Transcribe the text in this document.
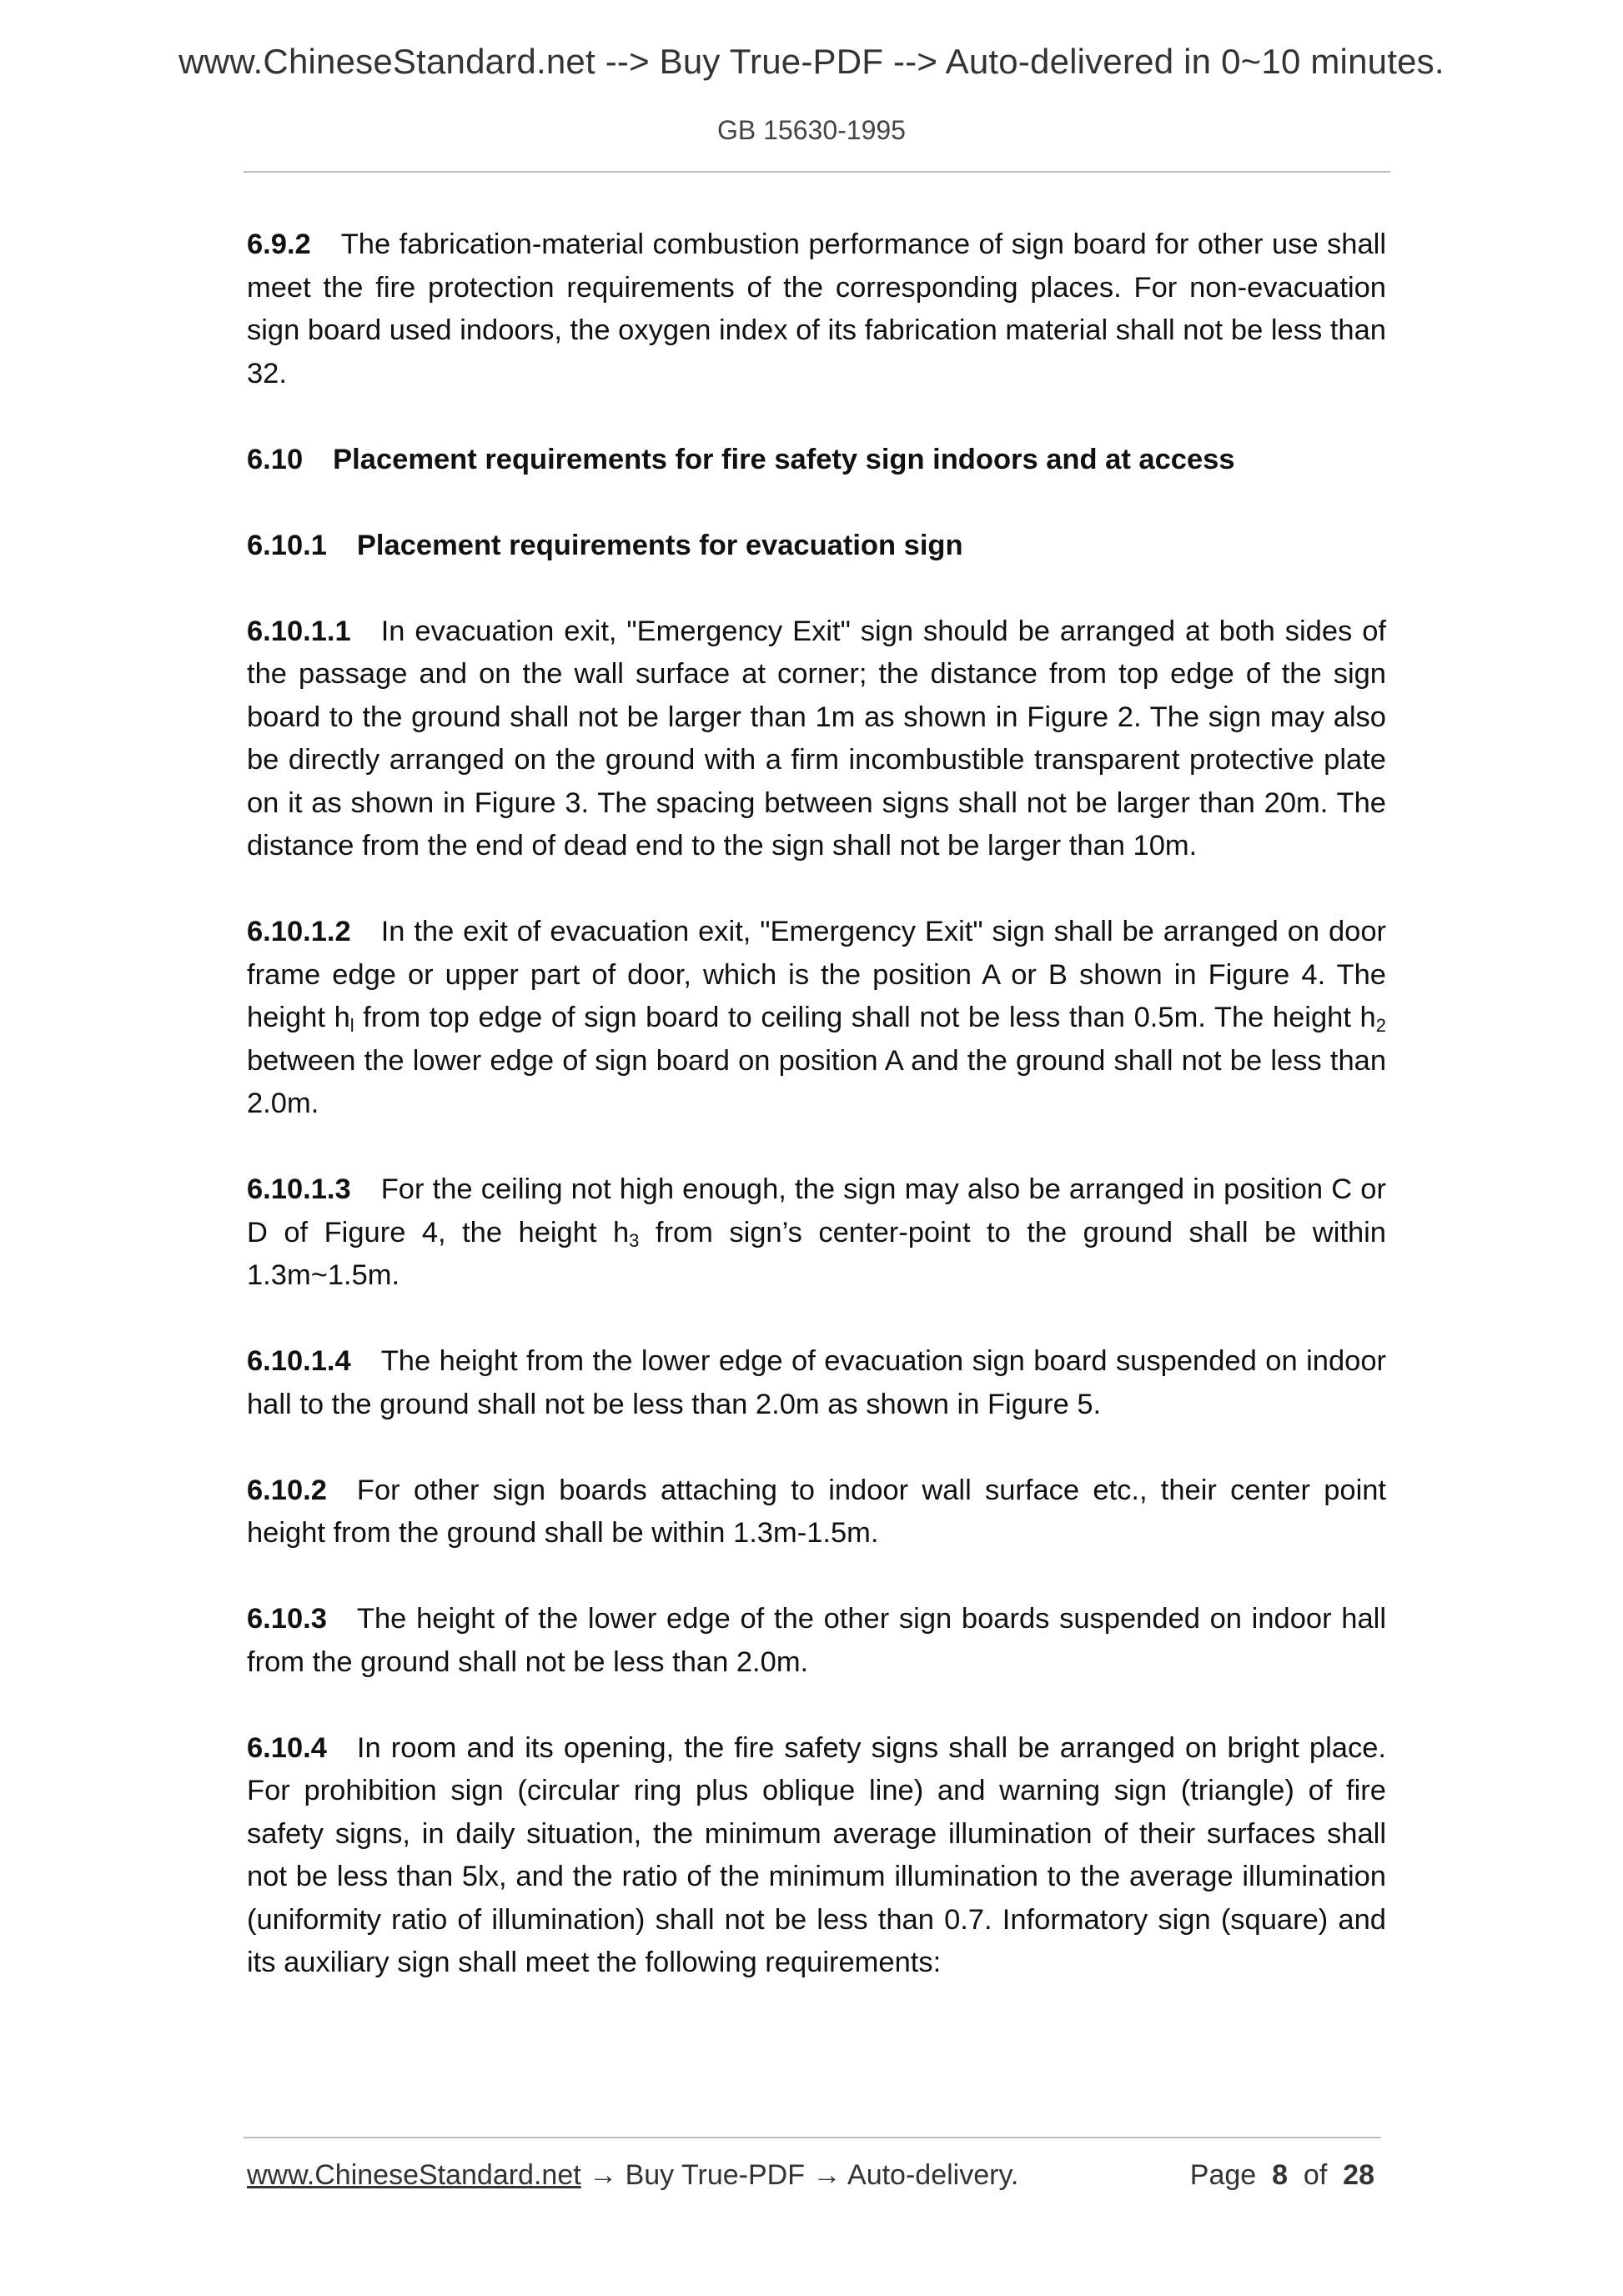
www.ChineseStandard.net --> Buy True-PDF --> Auto-delivered in 0~10 minutes.
GB 15630-1995

6.9.2 The fabrication-material combustion performance of sign board for other use shall meet the fire protection requirements of the corresponding places. For non-evacuation sign board used indoors, the oxygen index of its fabrication material shall not be less than 32.

6.10 Placement requirements for fire safety sign indoors and at access

6.10.1 Placement requirements for evacuation sign

6.10.1.1 In evacuation exit, "Emergency Exit" sign should be arranged at both sides of the passage and on the wall surface at corner; the distance from top edge of the sign board to the ground shall not be larger than 1m as shown in Figure 2. The sign may also be directly arranged on the ground with a firm incombustible transparent protective plate on it as shown in Figure 3. The spacing between signs shall not be larger than 20m. The distance from the end of dead end to the sign shall not be larger than 10m.

6.10.1.2 In the exit of evacuation exit, "Emergency Exit" sign shall be arranged on door frame edge or upper part of door, which is the position A or B shown in Figure 4. The height $h_l$ from top edge of sign board to ceiling shall not be less than 0.5m. The height $h_2$ between the lower edge of sign board on position A and the ground shall not be less than 2.0m.

6.10.1.3 For the ceiling not high enough, the sign may also be arranged in position C or D of Figure 4, the height $h_3$ from sign’s center-point to the ground shall be within 1.3m~1.5m.

6.10.1.4 The height from the lower edge of evacuation sign board suspended on indoor hall to the ground shall not be less than 2.0m as shown in Figure 5.

6.10.2 For other sign boards attaching to indoor wall surface etc., their center point height from the ground shall be within 1.3m-1.5m.

6.10.3 The height of the lower edge of the other sign boards suspended on indoor hall from the ground shall not be less than 2.0m.

6.10.4 In room and its opening, the fire safety signs shall be arranged on bright place. For prohibition sign (circular ring plus oblique line) and warning sign (triangle) of fire safety signs, in daily situation, the minimum average illumination of their surfaces shall not be less than 5lx, and the ratio of the minimum illumination to the average illumination (uniformity ratio of illumination) shall not be less than 0.7. Informatory sign (square) and its auxiliary sign shall meet the following requirements:

www.ChineseStandard.net → Buy True-PDF → Auto-delivery.	Page 8 of 28
